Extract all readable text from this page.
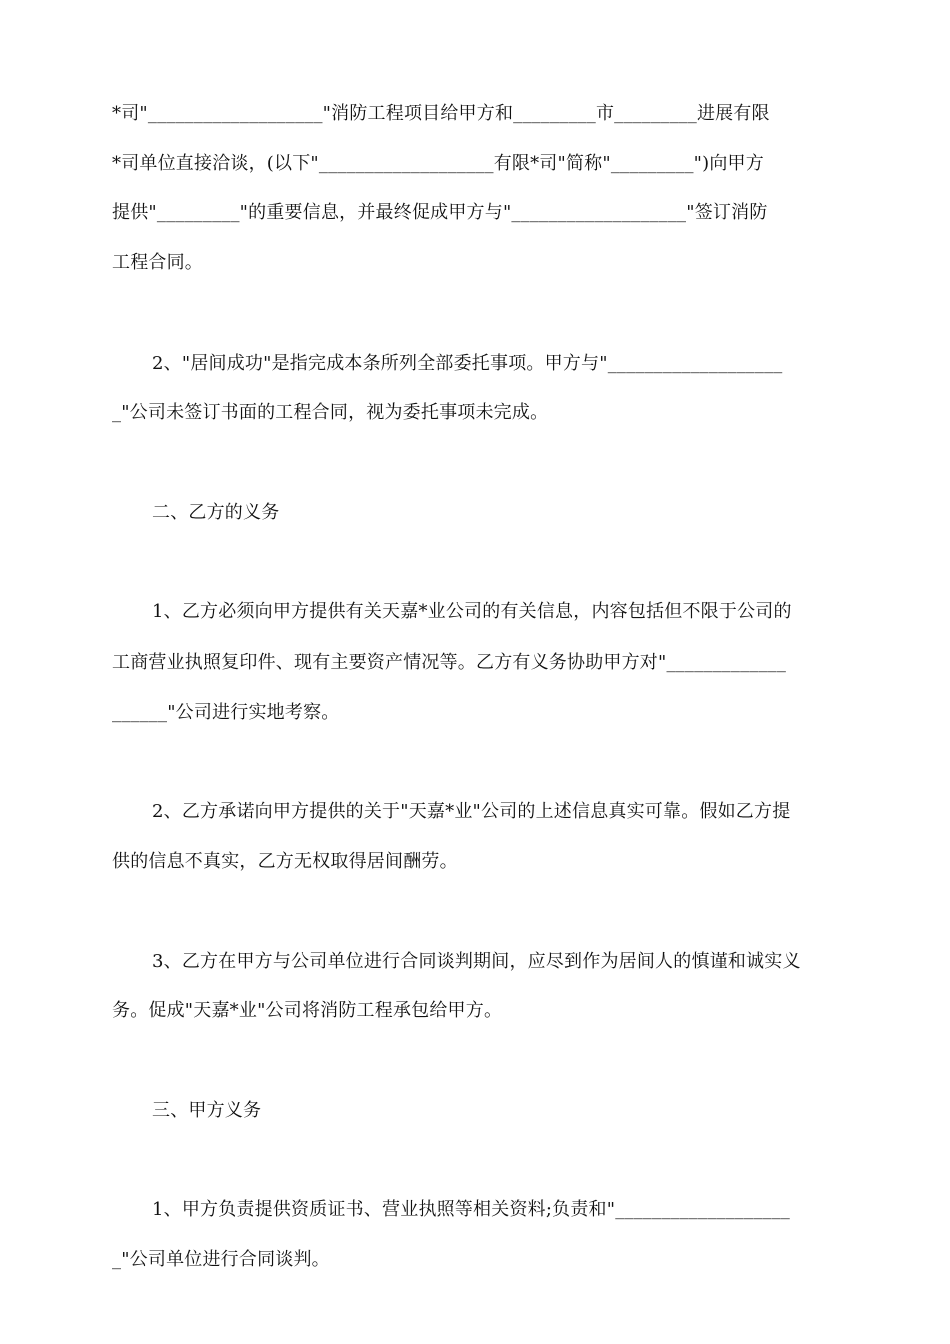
*司"___________________"消防工程项目给甲方和_________市_________进展有限
*司单位直接洽谈，(以下"___________________有限*司"简称"_________")向甲方
提供"_________"的重要信息，并最终促成甲方与"___________________"签订消防
工程合同。
2、"居间成功"是指完成本条所列全部委托事项。甲方与"___________________
_"公司未签订书面的工程合同，视为委托事项未完成。
二、乙方的义务
1、乙方必须向甲方提供有关天嘉*业公司的有关信息，内容包括但不限于公司的
工商营业执照复印件、现有主要资产情况等。乙方有义务协助甲方对"_____________
______"公司进行实地考察。
2、乙方承诺向甲方提供的关于"天嘉*业"公司的上述信息真实可靠。假如乙方提
供的信息不真实，乙方无权取得居间酬劳。
3、乙方在甲方与公司单位进行合同谈判期间，应尽到作为居间人的慎谨和诚实义
务。促成"天嘉*业"公司将消防工程承包给甲方。
三、甲方义务
1、甲方负责提供资质证书、营业执照等相关资料;负责和"___________________
_"公司单位进行合同谈判。
